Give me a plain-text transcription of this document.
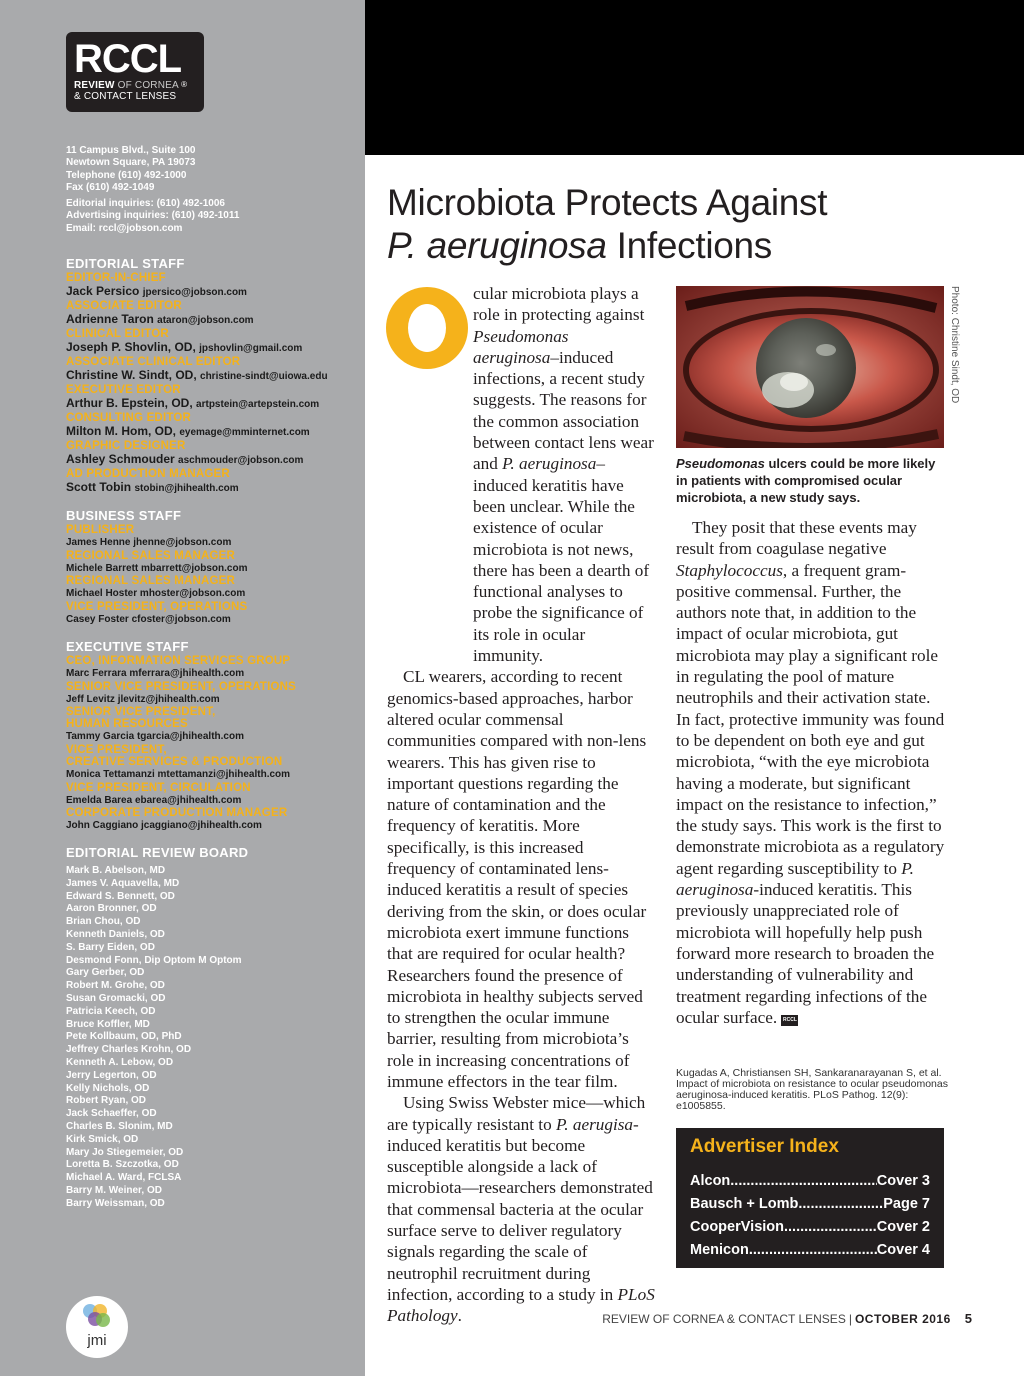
RCCL®
REVIEW OF CORNEA
& CONTACT LENSES
11 Campus Blvd., Suite 100
Newtown Square, PA 19073
Telephone (610) 492-1000
Fax (610) 492-1049
Editorial inquiries: (610) 492-1006
Advertising inquiries: (610) 492-1011
Email: rccl@jobson.com
EDITORIAL STAFF
EDITOR-IN-CHIEF
Jack Persico jpersico@jobson.com
ASSOCIATE EDITOR
Adrienne Taron ataron@jobson.com
CLINICAL EDITOR
Joseph P. Shovlin, OD, jpshovlin@gmail.com
ASSOCIATE CLINICAL EDITOR
Christine W. Sindt, OD, christine-sindt@uiowa.edu
EXECUTIVE EDITOR
Arthur B. Epstein, OD, artpstein@artepstein.com
CONSULTING EDITOR
Milton M. Hom, OD, eyemage@mminternet.com
GRAPHIC DESIGNER
Ashley Schmouder aschmouder@jobson.com
AD PRODUCTION MANAGER
Scott Tobin stobin@jhihealth.com
BUSINESS STAFF
PUBLISHER
James Henne jhenne@jobson.com
REGIONAL SALES MANAGER
Michele Barrett mbarrett@jobson.com
REGIONAL SALES MANAGER
Michael Hoster mhoster@jobson.com
VICE PRESIDENT, OPERATIONS
Casey Foster cfoster@jobson.com
EXECUTIVE STAFF
CEO, INFORMATION SERVICES GROUP
Marc Ferrara mferrara@jhihealth.com
SENIOR VICE PRESIDENT, OPERATIONS
Jeff Levitz jlevitz@jhihealth.com
SENIOR VICE PRESIDENT,
HUMAN RESOURCES
Tammy Garcia tgarcia@jhihealth.com
VICE PRESIDENT,
CREATIVE SERVICES & PRODUCTION
Monica Tettamanzi mtettamanzi@jhihealth.com
VICE PRESIDENT, CIRCULATION
Emelda Barea ebarea@jhihealth.com
CORPORATE PRODUCTION MANAGER
John Caggiano jcaggiano@jhihealth.com
EDITORIAL REVIEW BOARD
Mark B. Abelson, MD
James V. Aquavella, MD
Edward S. Bennett, OD
Aaron Bronner, OD
Brian Chou, OD
Kenneth Daniels, OD
S. Barry Eiden, OD
Desmond Fonn, Dip Optom M Optom
Gary Gerber, OD
Robert M. Grohe, OD
Susan Gromacki, OD
Patricia Keech, OD
Bruce Koffler, MD
Pete Kollbaum, OD, PhD
Jeffrey Charles Krohn, OD
Kenneth A. Lebow, OD
Jerry Legerton, OD
Kelly Nichols, OD
Robert Ryan, OD
Jack Schaeffer, OD
Charles B. Slonim, MD
Kirk Smick, OD
Mary Jo Stiegemeier, OD
Loretta B. Szczotka, OD
Michael A. Ward, FCLSA
Barry M. Weiner, OD
Barry Weissman, OD
jmi
Microbiota Protects Against
P. aeruginosa Infections

cular microbiota plays a role in protecting against Pseudomonas aeruginosa–induced infections, a recent study suggests. The reasons for the common association between contact lens wear and P. aeruginosa–induced keratitis have been unclear. While the existence of ocular microbiota is not news, there has been a dearth of functional analyses to probe the significance of its role in ocular immunity.

CL wearers, according to recent genomics-based approaches, harbor altered ocular commensal communities compared with non-lens wearers. This has given rise to important questions regarding the nature of contamination and the frequency of keratitis. More specifically, is this increased frequency of contaminated lens-induced keratitis a result of species deriving from the skin, or does ocular microbiota exert immune functions that are required for ocular health? Researchers found the presence of microbiota in healthy subjects served to strengthen the ocular immune barrier, resulting from microbiota’s role in increasing concentrations of immune effectors in the tear film.

Using Swiss Webster mice—which are typically resistant to P. aerugisa-induced keratitis but become susceptible alongside a lack of microbiota—researchers demonstrated that commensal bacteria at the ocular surface serve to deliver regulatory signals regarding the scale of neutrophil recruitment during infection, according to a study in PLoS Pathology.

Photo: Christine Sindt, OD
Pseudomonas ulcers could be more likely in patients with compromised ocular microbiota, a new study says.

They posit that these events may result from coagulase negative Staphylococcus, a frequent gram-positive commensal. Further, the authors note that, in addition to the impact of ocular microbiota, gut microbiota may play a significant role in regulating the pool of mature neutrophils and their activation state. In fact, protective immunity was found to be dependent on both eye and gut microbiota, “with the eye microbiota having a moderate, but significant impact on the resistance to infection,” the study says. This work is the first to demonstrate microbiota as a regulatory agent regarding susceptibility to P. aeruginosa-induced keratitis. This previously unappreciated role of microbiota will hopefully help push forward more research to broaden the understanding of vulnerability and treatment regarding infections of the ocular surface. RCCL

Kugadas A, Christiansen SH, Sankaranarayanan S, et al. Impact of microbiota on resistance to ocular pseudomonas aeruginosa-induced keratitis. PLoS Pathog. 12(9): e1005855.
Advertiser Index
Alcon .....	Cover 3
Bausch + Lomb .....	Page 7
CooperVision .....	Cover 2
Menicon .....	Cover 4
REVIEW OF CORNEA & CONTACT LENSES | OCTOBER 2016 5
